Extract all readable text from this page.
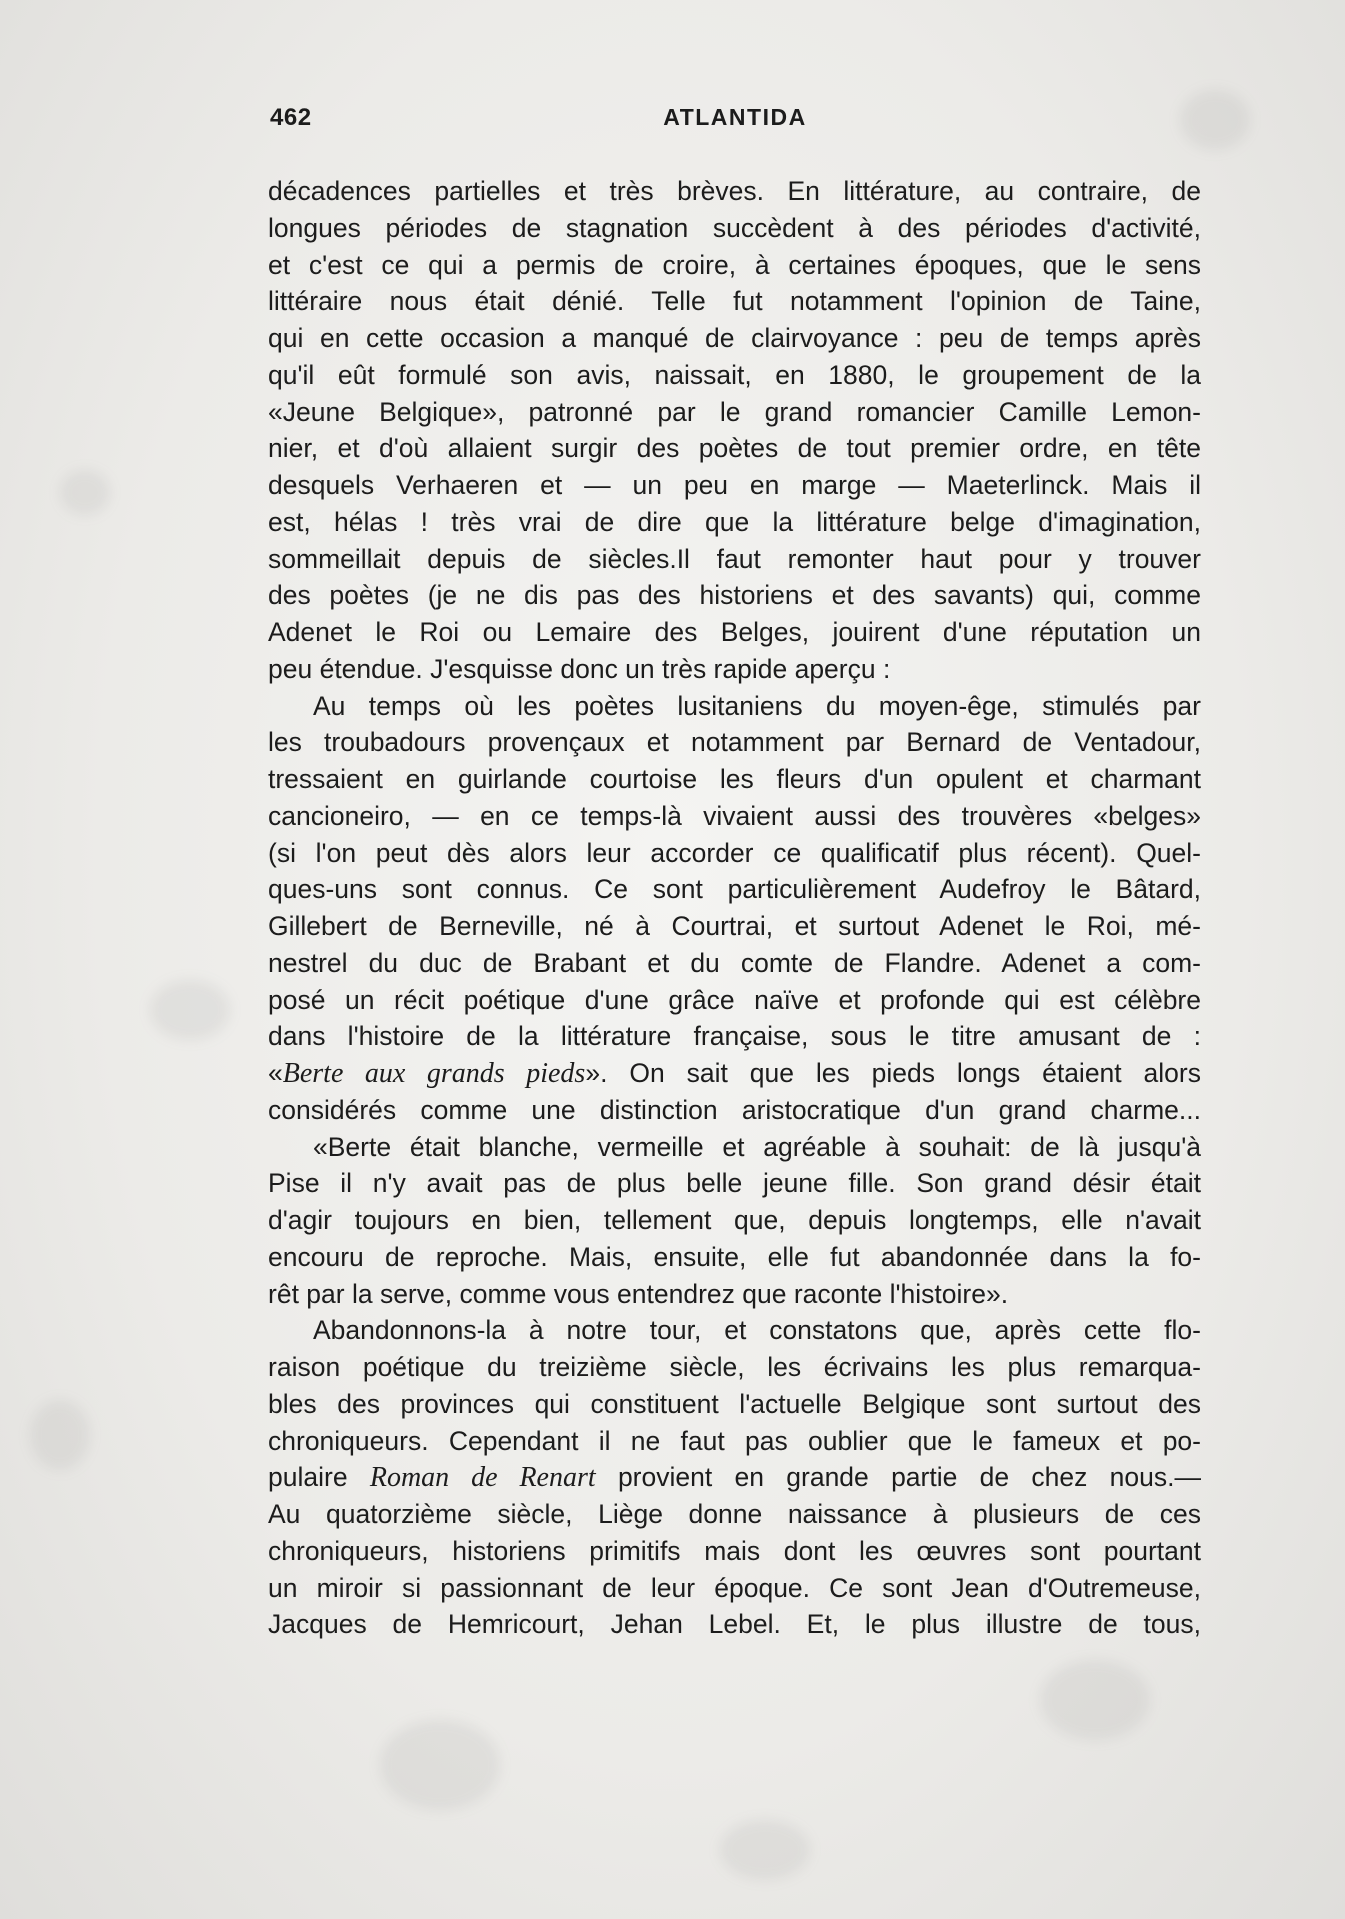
462	ATLANTIDA
décadences partielles et très brèves. En littérature, au contraire, de
longues périodes de stagnation succèdent à des périodes d'activité,
et c'est ce qui a permis de croire, à certaines époques, que le sens
littéraire nous était dénié. Telle fut notamment l'opinion de Taine,
qui en cette occasion a manqué de clairvoyance : peu de temps après
qu'il eût formulé son avis, naissait, en 1880, le groupement de la
«Jeune Belgique», patronné par le grand romancier Camille Lemon-
nier, et d'où allaient surgir des poètes de tout premier ordre, en tête
desquels Verhaeren et — un peu en marge — Maeterlinck. Mais il
est, hélas ! très vrai de dire que la littérature belge d'imagination,
sommeillait depuis de siècles.Il faut remonter haut pour y trouver
des poètes (je ne dis pas des historiens et des savants) qui, comme
Adenet le Roi ou Lemaire des Belges, jouirent d'une réputation un
peu étendue. J'esquisse donc un très rapide aperçu :
Au temps où les poètes lusitaniens du moyen-êge, stimulés par
les troubadours provençaux et notamment par Bernard de Ventadour,
tressaient en guirlande courtoise les fleurs d'un opulent et charmant
cancioneiro, — en ce temps-là vivaient aussi des trouvères «belges»
(si l'on peut dès alors leur accorder ce qualificatif plus récent). Quel-
ques-uns sont connus. Ce sont particulièrement Audefroy le Bâtard,
Gillebert de Berneville, né à Courtrai, et surtout Adenet le Roi, mé-
nestrel du duc de Brabant et du comte de Flandre. Adenet a com-
posé un récit poétique d'une grâce naïve et profonde qui est célèbre
dans l'histoire de la littérature française, sous le titre amusant de :
«Berte aux grands pieds». On sait que les pieds longs étaient alors
considérés comme une distinction aristocratique d'un grand charme...
«Berte était blanche, vermeille et agréable à souhait: de là jusqu'à
Pise il n'y avait pas de plus belle jeune fille. Son grand désir était
d'agir toujours en bien, tellement que, depuis longtemps, elle n'avait
encouru de reproche. Mais, ensuite, elle fut abandonnée dans la fo-
rêt par la serve, comme vous entendrez que raconte l'histoire».
Abandonnons-la à notre tour, et constatons que, après cette flo-
raison poétique du treizième siècle, les écrivains les plus remarqua-
bles des provinces qui constituent l'actuelle Belgique sont surtout des
chroniqueurs. Cependant il ne faut pas oublier que le fameux et po-
pulaire Roman de Renart provient en grande partie de chez nous.—
Au quatorzième siècle, Liège donne naissance à plusieurs de ces
chroniqueurs, historiens primitifs mais dont les œuvres sont pourtant
un miroir si passionnant de leur époque. Ce sont Jean d'Outremeuse,
Jacques de Hemricourt, Jehan Lebel. Et, le plus illustre de tous,
